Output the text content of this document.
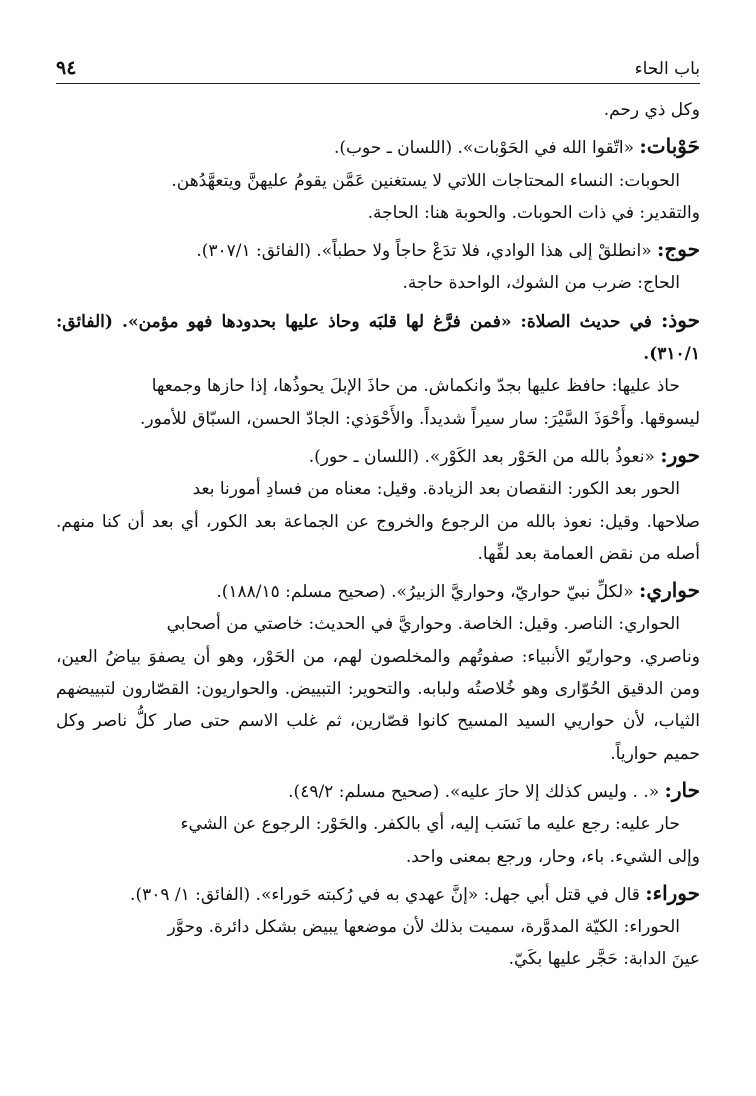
٩٤	باب الحاء

وكل ذي رحم.

حَوْبات: «اتّقوا الله في الحَوْبات». (اللسان ـ حوب).

الحوبات: النساء المحتاجات اللاتي لا يستغنين عَمَّن يقومُ عليهنَّ ويتعهَّدُهن.

والتقدير: في ذات الحوبات. والحوبة هنا: الحاجة.

حوج: «انطلقْ إلى هذا الوادي، فلا تدَعْ حاجاً ولا حطباً». (الفائق: ٣٠٧/١).

الحاج: ضرب من الشوك، الواحدة حاجة.

حوذ: في حديث الصلاة: «فمن فرَّغ لها قلبَه وحاذ عليها بحدودها فهو مؤمن». (الفائق: ٣١٠/١).

حاذ عليها: حافظ عليها بجدّ وانكماش. من حاذَ الإبلَ يحوذُها، إذا حازها وجمعها

ليسوقها. وأَحْوَذَ السَّيْرَ: سار سيراً شديداً. والأَحْوَذي: الجادّ الحسن، السبّاق للأمور.

حور: «نعوذُ بالله من الحَوْر بعد الكَوْر». (اللسان ـ حور).

الحور بعد الكور: النقصان بعد الزيادة. وقيل: معناه من فسادِ أمورنا بعد

صلاحها. وقيل: نعوذ بالله من الرجوع والخروج عن الجماعة بعد الكور، أي بعد أن كنا منهم. أصله من نقض العمامة بعد لفِّها.

حواري: «لكلِّ نبيّ حواريّ، وحواريَّ الزبيرُ». (صحيح مسلم: ١٨٨/١٥).

الحواري: الناصر. وقيل: الخاصة. وحواريَّ في الحديث: خاصتي من أصحابي

وناصري. وحواريّو الأنبياء: صفوتُهم والمخلصون لهم، من الحَوْر، وهو أن يصفوَ بياضُ العين، ومن الدقيق الحُوّارى وهو خُلاصتُه ولبابه. والتحوير: التبييض. والحواريون: القصّارون لتبييضهم الثياب، لأن حواريي السيد المسيح كانوا قصّارين، ثم غلب الاسم حتى صار كلُّ ناصر وكل حميم حوارياً.

حار: «. . وليس كذلك إلا حارَ عليه». (صحيح مسلم: ٤٩/٢).

حار عليه: رجع عليه ما نَسَب إليه، أي بالكفر. والحَوْر: الرجوع عن الشيء

وإلى الشيء. باء، وحار، ورجع بمعنى واحد.

حوراء: قال في قتل أبي جهل: «إنَّ عهدي به في رُكبته حَوراء». (الفائق: ١/ ٣٠٩).

الحوراء: الكيّة المدوَّرة، سميت بذلك لأن موضعها يبيض بشكل دائرة. وحوَّر

عينَ الدابة: حَجَّر عليها بكَيّ.
